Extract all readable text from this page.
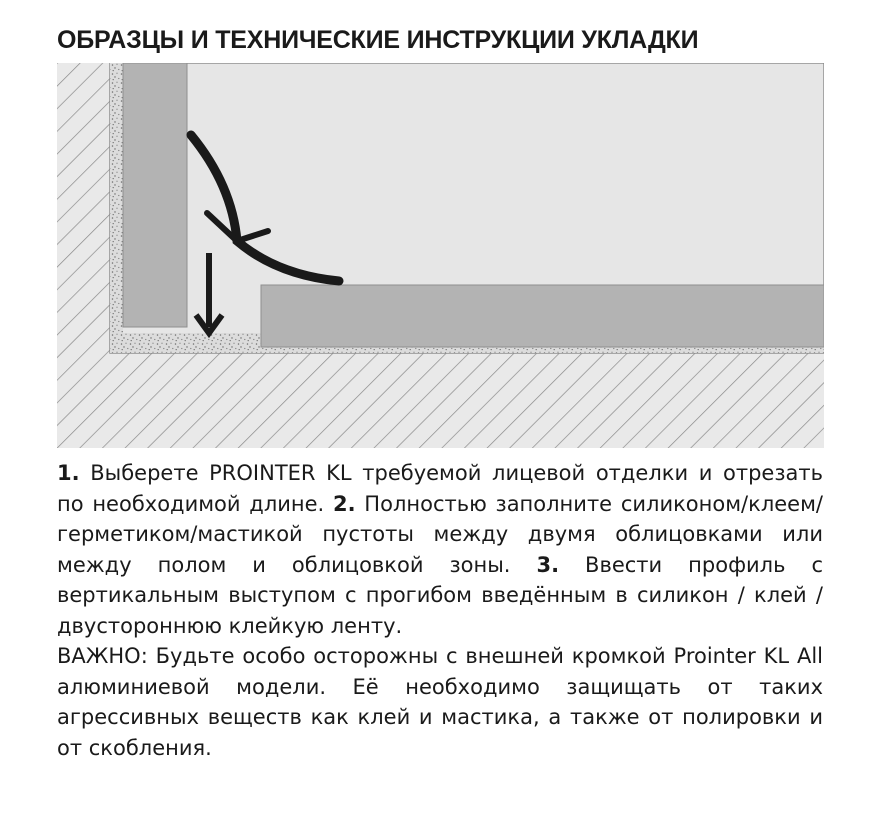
ОБРАЗЦЫ И ТЕХНИЧЕСКИЕ ИНСТРУКЦИИ УКЛАДКИ

1. Выберете PROINTER KL требуемой лицевой отделки и отрезать по необходимой длине. 2. Полностью заполните силиконом/клеем/герметиком/мастикой пустоты между двумя облицовками или между полом и облицовкой зоны. 3. Ввести профиль с вертикальным выступом с прогибом введённым в силикон / клей /двустороннюю клейкую ленту.

ВАЖНО: Будьте особо осторожны с внешней кромкой Prointer KL All алюминиевой модели. Её необходимо защищать от таких агрессивных веществ как клей и мастика, а также от полировки и от скобления.
